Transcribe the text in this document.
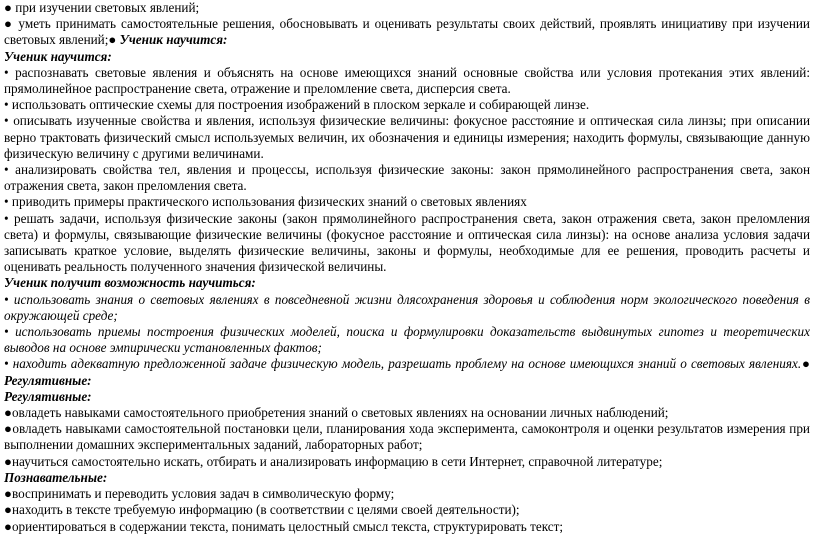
● при изучении световых явлений;

● уметь принимать самостоятельные решения, обосновывать и оценивать результаты своих действий, проявлять инициативу при изучении световых явлений;● Ученик научится:

Ученик научится:

• распознавать световые явления и объяснять на основе имеющихся знаний основные свойства или условия протекания этих явлений: прямолинейное распространение света, отражение и преломление света, дисперсия света.

• использовать оптические схемы для построения изображений в плоском зеркале и собирающей линзе.

• описывать изученные свойства и явления, используя физические величины: фокусное расстояние и оптическая сила линзы; при описании верно трактовать физический смысл используемых величин, их обозначения и единицы измерения; находить формулы, связывающие данную физическую величину с другими величинами.

• анализировать свойства тел, явления и процессы, используя физические законы: закон прямолинейного распространения света, закон отражения света, закон преломления света.

• приводить примеры практического использования физических знаний о световых явлениях

• решать задачи, используя физические законы (закон прямолинейного распространения света, закон отражения света, закон преломления света) и формулы, связывающие физические величины (фокусное расстояние и оптическая сила линзы): на основе анализа условия задачи записывать краткое условие, выделять физические величины, законы и формулы, необходимые для ее решения, проводить расчеты и оценивать реальность полученного значения физической величины.

Ученик получит возможность научиться:

• использовать знания о световых явлениях в повседневной жизни длясохранения здоровья и соблюдения норм экологического поведения в окружающей среде;

• использовать приемы построения физических моделей, поиска и формулировки доказательств выдвинутых гипотез и теоретических выводов на основе эмпирически установленных фактов;

• находить адекватную предложенной задаче физическую модель, разрешать проблему на основе имеющихся знаний о световых явлениях.● Регулятивные:

Регулятивные:

●овладеть навыками самостоятельного приобретения знаний о световых явлениях на основании личных наблюдений;

●овладеть навыками самостоятельной постановки цели, планирования хода эксперимента, самоконтроля и оценки результатов измерения при выполнении домашних экспериментальных заданий, лабораторных работ;

●научиться самостоятельно искать, отбирать и анализировать информацию в сети Интернет, справочной литературе;

Познавательные:

●воспринимать и переводить условия задач в символическую форму;

●находить в тексте требуемую информацию (в соответствии с целями своей деятельности);

●ориентироваться в содержании текста, понимать целостный смысл текста, структурировать текст;
